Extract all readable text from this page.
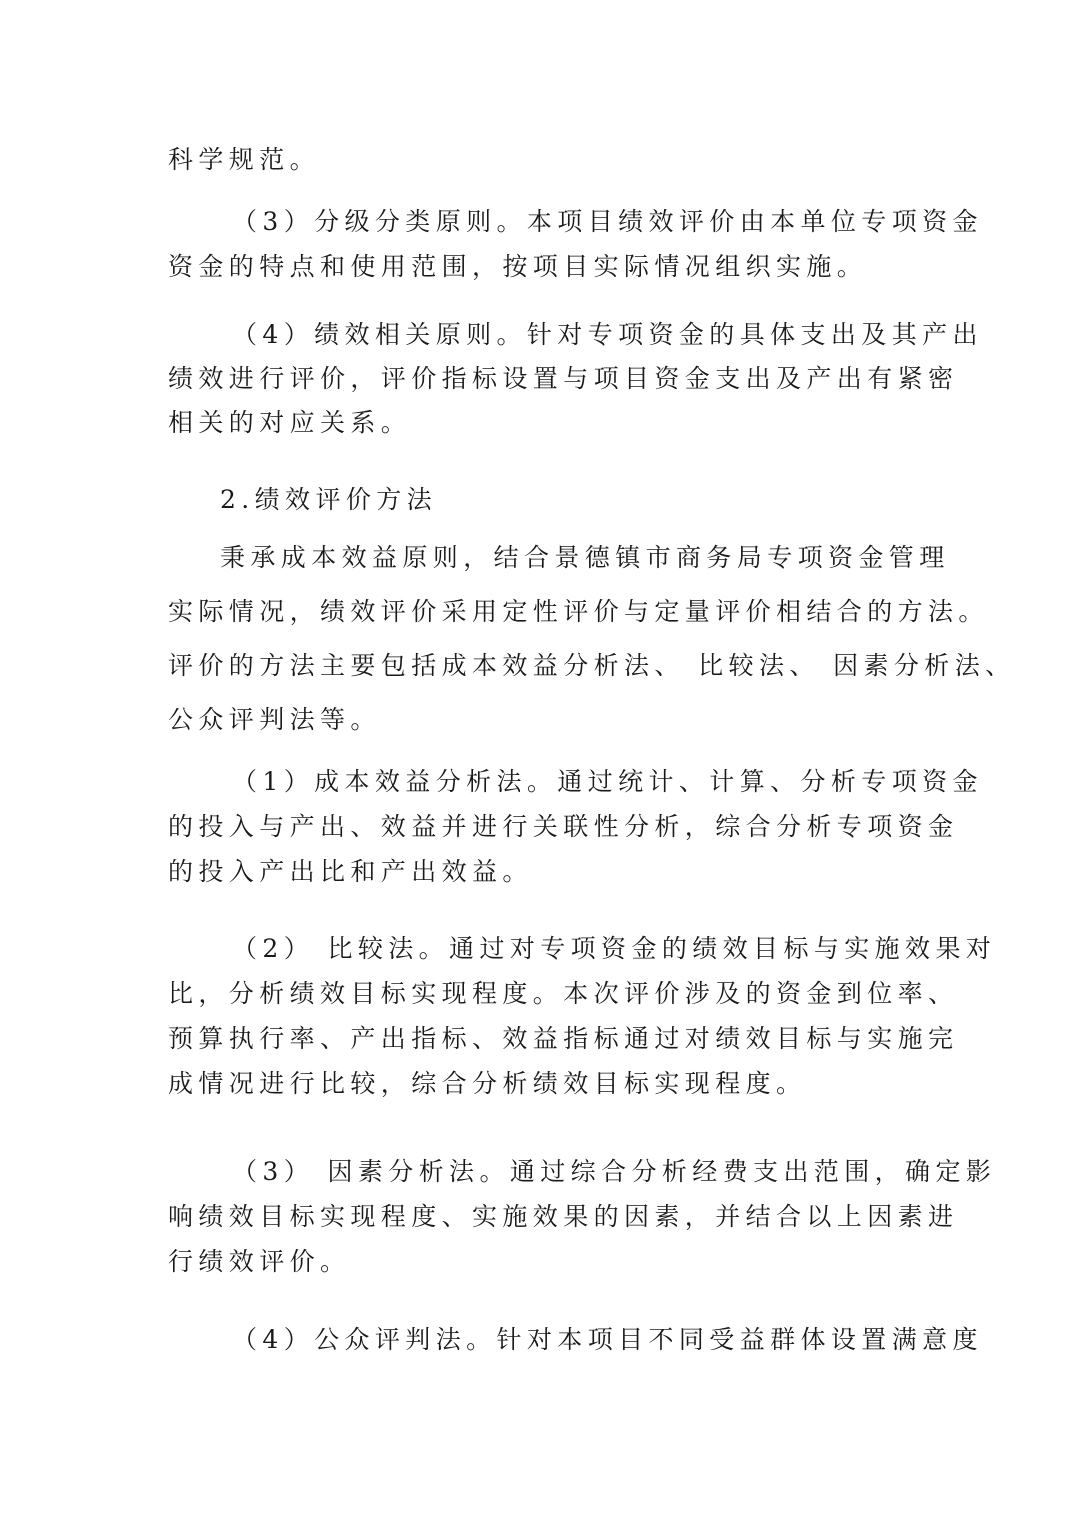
科学规范。

（3）分级分类原则。本项目绩效评价由本单位专项资金

资金的特点和使用范围，按项目实际情况组织实施。

（4）绩效相关原则。针对专项资金的具体支出及其产出

绩效进行评价，评价指标设置与项目资金支出及产出有紧密

相关的对应关系。

2.绩效评价方法

秉承成本效益原则，结合景德镇市商务局专项资金管理

实际情况，绩效评价采用定性评价与定量评价相结合的方法。

评价的方法主要包括成本效益分析法、 比较法、 因素分析法、

公众评判法等。

（1）成本效益分析法。通过统计、计算、分析专项资金

的投入与产出、效益并进行关联性分析，综合分析专项资金

的投入产出比和产出效益。

（2） 比较法。通过对专项资金的绩效目标与实施效果对

比，分析绩效目标实现程度。本次评价涉及的资金到位率、

预算执行率、产出指标、效益指标通过对绩效目标与实施完

成情况进行比较，综合分析绩效目标实现程度。

（3） 因素分析法。通过综合分析经费支出范围，确定影

响绩效目标实现程度、实施效果的因素，并结合以上因素进

行绩效评价。

（4）公众评判法。针对本项目不同受益群体设置满意度
